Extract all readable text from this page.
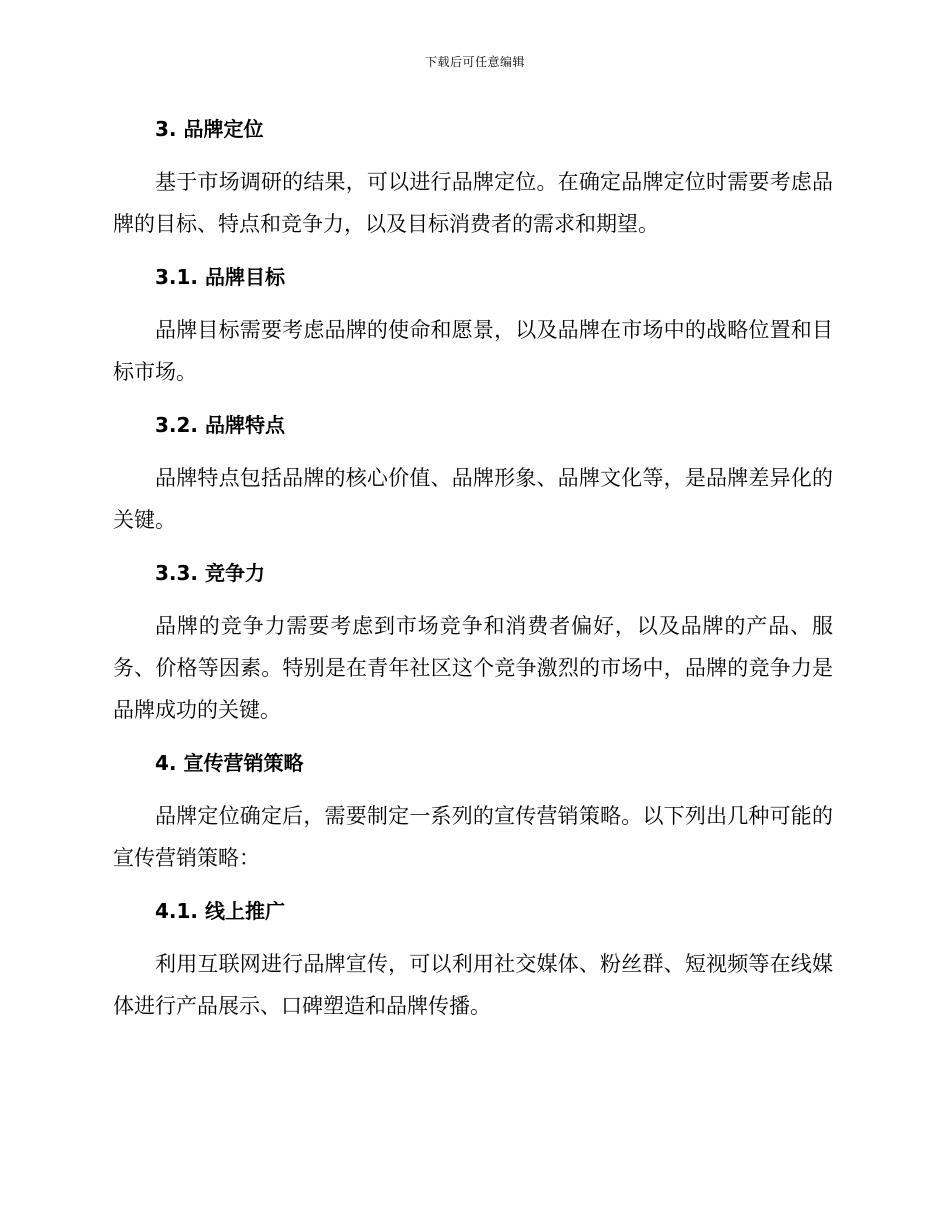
下载后可任意编辑
3. 品牌定位

基于市场调研的结果，可以进行品牌定位。在确定品牌定位时需要考虑品牌的目标、特点和竞争力，以及目标消费者的需求和期望。

3.1. 品牌目标

品牌目标需要考虑品牌的使命和愿景，以及品牌在市场中的战略位置和目标市场。

3.2. 品牌特点

品牌特点包括品牌的核心价值、品牌形象、品牌文化等，是品牌差异化的关键。

3.3. 竞争力

品牌的竞争力需要考虑到市场竞争和消费者偏好，以及品牌的产品、服务、价格等因素。特别是在青年社区这个竞争激烈的市场中，品牌的竞争力是品牌成功的关键。

4. 宣传营销策略

品牌定位确定后，需要制定一系列的宣传营销策略。以下列出几种可能的宣传营销策略：

4.1. 线上推广

利用互联网进行品牌宣传，可以利用社交媒体、粉丝群、短视频等在线媒体进行产品展示、口碑塑造和品牌传播。
